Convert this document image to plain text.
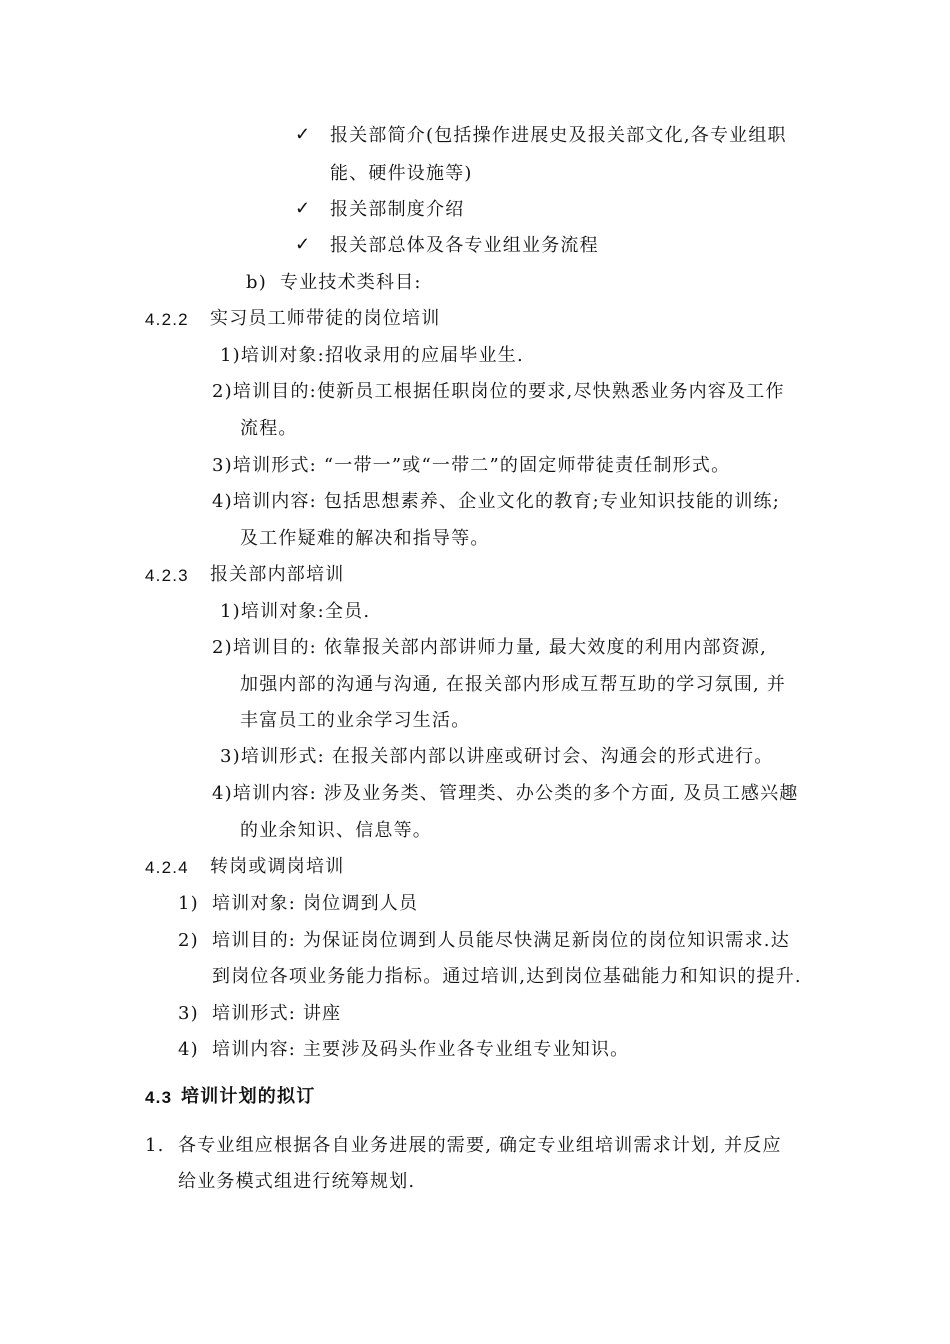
✓ 报关部简介(包括操作进展史及报关部文化,各专业组职
能、硬件设施等)
✓ 报关部制度介绍
✓ 报关部总体及各专业组业务流程
b) 专业技术类科目:
4.2.2 实习员工师带徒的岗位培训
1)培训对象:招收录用的应届毕业生.
2)培训目的:使新员工根据任职岗位的要求,尽快熟悉业务内容及工作
流程。
3)培训形式: “一带一”或“一带二”的固定师带徒责任制形式。
4)培训内容: 包括思想素养、企业文化的教育;专业知识技能的训练;
及工作疑难的解决和指导等。
4.2.3 报关部内部培训
1)培训对象:全员.
2)培训目的: 依靠报关部内部讲师力量, 最大效度的利用内部资源,
加强内部的沟通与沟通, 在报关部内形成互帮互助的学习氛围, 并
丰富员工的业余学习生活。
3)培训形式: 在报关部内部以讲座或研讨会、沟通会的形式进行。
4)培训内容: 涉及业务类、管理类、办公类的多个方面, 及员工感兴趣
的业余知识、信息等。
4.2.4 转岗或调岗培训
1) 培训对象: 岗位调到人员
2) 培训目的: 为保证岗位调到人员能尽快满足新岗位的岗位知识需求.达
到岗位各项业务能力指标。通过培训,达到岗位基础能力和知识的提升.
3) 培训形式: 讲座
4) 培训内容: 主要涉及码头作业各专业组专业知识。
4.3 培训计划的拟订
1. 各专业组应根据各自业务进展的需要, 确定专业组培训需求计划, 并反应
给业务模式组进行统筹规划.
